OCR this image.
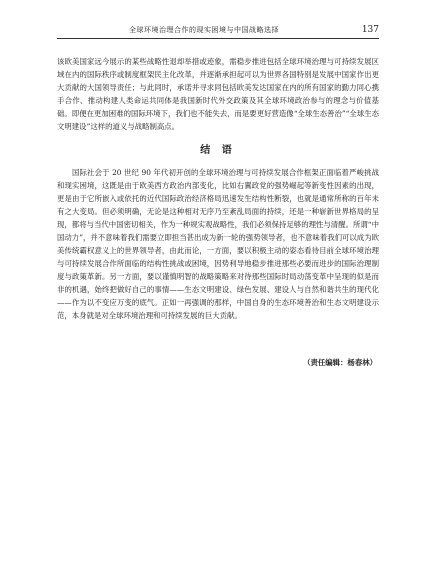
全球环境治理合作的现实困境与中国战略选择	137

该欧美国家远今展示的某些战略性退却举措或迹象，需稳步推进包括全球环境治理与可持续发展区域在内的国际秩序或制度框架民主化改革，并逐渐承担起可以为世界各国特别是发展中国家作出更大贡献的大国领导责任；与此同时，承诺并寻求同包括欧美发达国家在内的所有国家的勤力同心携手合作、推动构建人类命运共同体是我国新时代外交政策及其全球环境政治参与的理念与价值基础。即便在更加困难的国际环境下，我们也不能失去，而是要更好营造像“全球生态善治”“全球生态文明建设”这样的道义与战略制高点。

结 语

国际社会于 20 世纪 90 年代初开创的全球环境治理与可持续发展合作框架正面临着严峻挑战和现实困境，这既是由于欧美西方政治内部变化，比如右翼政党的强势崛起等新变性因素的出现，更是由于它所嵌入或依托的近代国际政治经济格局迅速发生结构性断裂，也就是通常所称的百年未有之大变局。但必须明确，无论是这种相对无序乃至紊乱局面的持续，还是一种崭新世界格局的呈现，都将与当代中国密切相关，作为一种规实观战略性，我们必须保持足够的理性与清醒。所谓“中国动力”，并不意味着我们需要立即担当甚出成为新一轮的强势领导者，也不意味着我们可以成为欧美传统霸权意义上的世界领导者，由此而论，一方面，要以积极主动的姿态看待目前全球环境治理与可持续发展合作所面临的结构性挑战或困境，因势利导地稳步推进那些必要而进步的国际治理制度与政策革新。另一方面，要以谨慎明智的战略策略来对待那些国际时局动荡变革中呈现的似是而非的机遇，始终把做好自己的事情——生态文明建设、绿色发展、建设人与自然和谐共生的现代化——作为以不变应万变的底气。正如一再强调的那样，中国自身的生态环境善治和生态文明建设示范，本身就是对全球环境治理和可持续发展的巨大贡献。

（责任编辑：杨春林）
